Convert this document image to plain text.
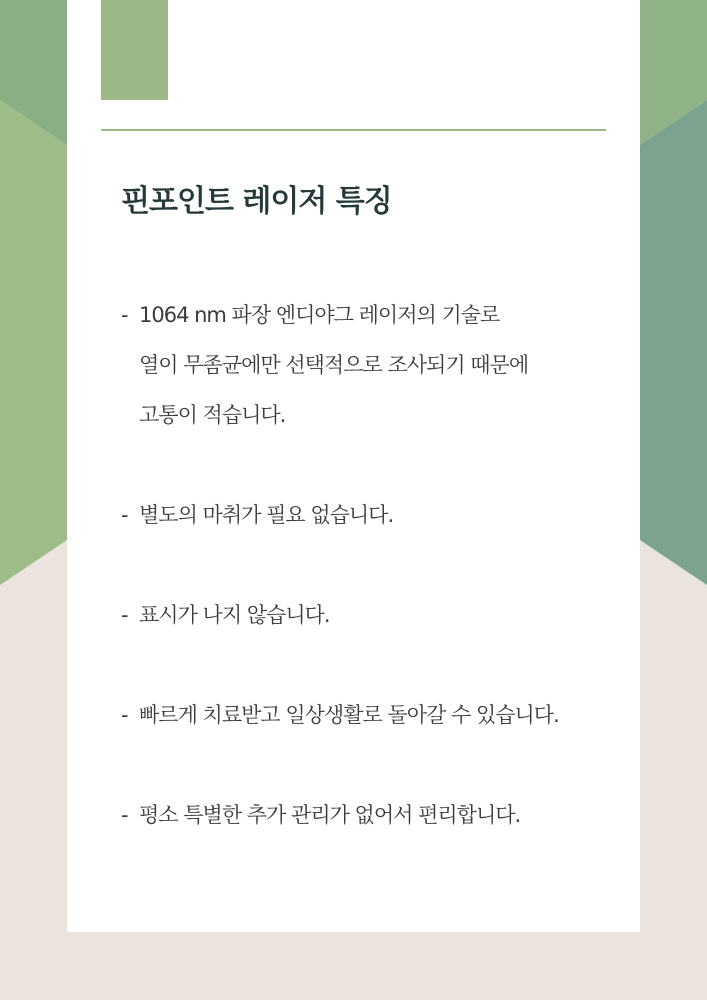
핀포인트 레이저 특징
- 1064 nm 파장 엔디야그 레이저의 기술로
열이 무좀균에만 선택적으로 조사되기 때문에
고통이 적습니다.
- 별도의 마취가 필요 없습니다.
- 표시가 나지 않습니다.
- 빠르게 치료받고 일상생활로 돌아갈 수 있습니다.
- 평소 특별한 추가 관리가 없어서 편리합니다.
